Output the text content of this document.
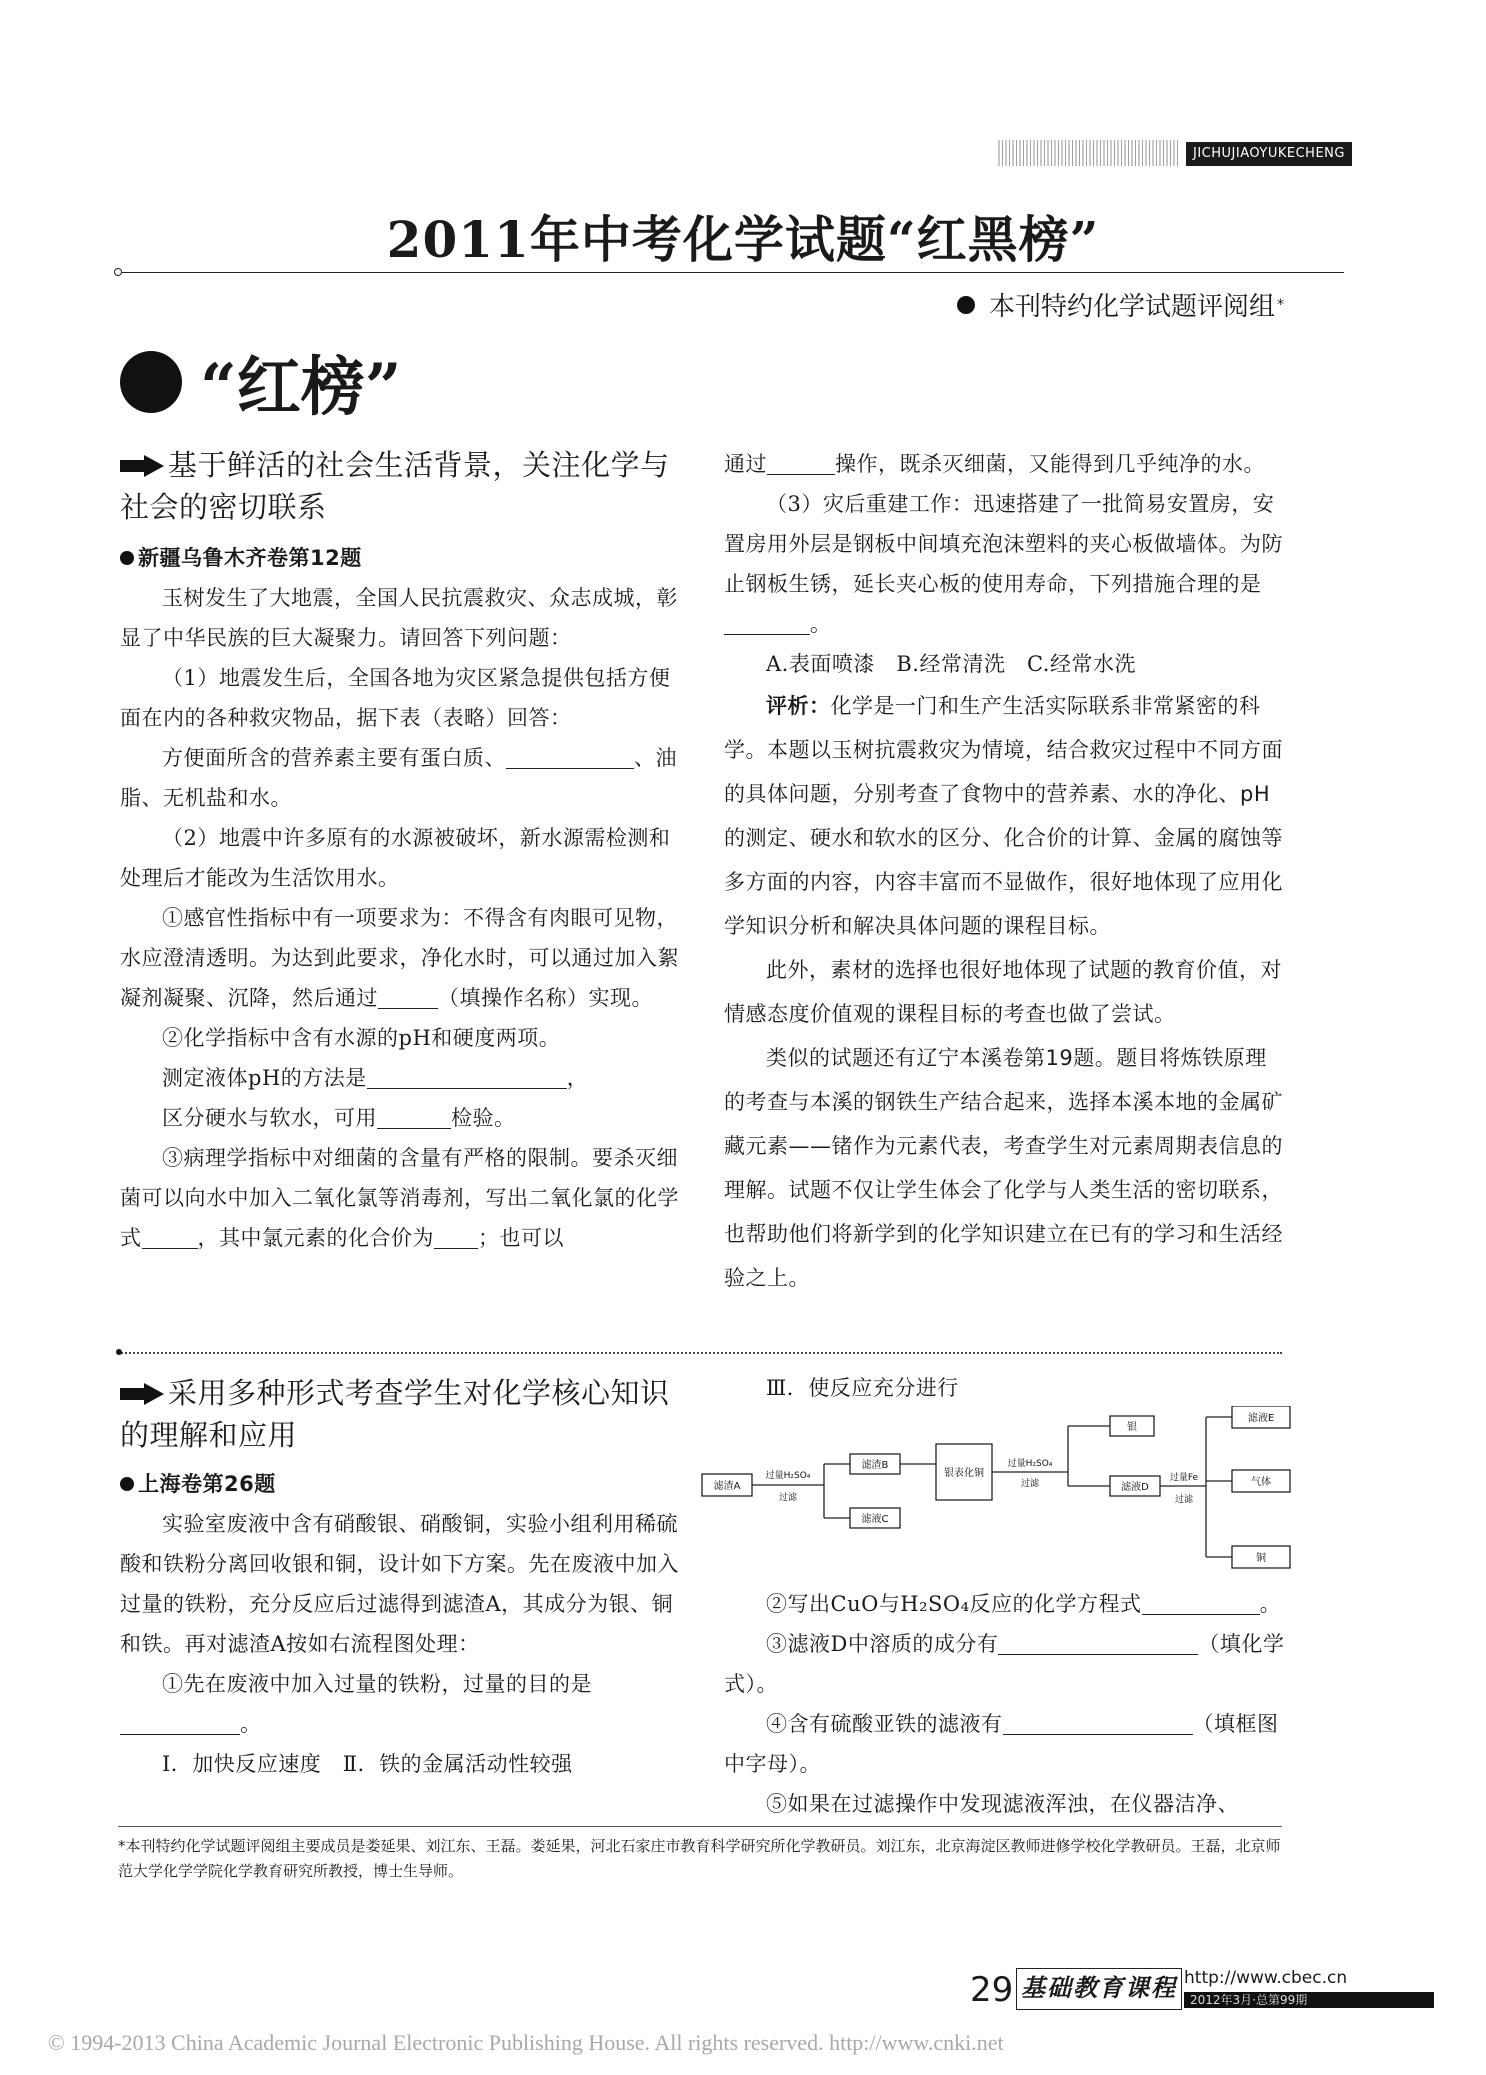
JICHUJIAOYUKECHENG
2011年中考化学试题“红黑榜”
本刊特约化学试题评阅组 *
“红榜”
基于鲜活的社会生活背景，关注化学与社会的密切联系
新疆乌鲁木齐卷第12题

玉树发生了大地震，全国人民抗震救灾、众志成城，彰显了中华民族的巨大凝聚力。请回答下列问题：

（1）地震发生后，全国各地为灾区紧急提供包括方便面在内的各种救灾物品，据下表（表略）回答：

方便面所含的营养素主要有蛋白质、	、油脂、无机盐和水。

（2）地震中许多原有的水源被破坏，新水源需检测和处理后才能改为生活饮用水。

①感官性指标中有一项要求为：不得含有肉眼可见物，水应澄清透明。为达到此要求，净化水时，可以通过加入絮凝剂凝聚、沉降，然后通过	（填操作名称）实现。

②化学指标中含有水源的pH和硬度两项。

测定液体pH的方法是	，

区分硬水与软水，可用	检验。

③病理学指标中对细菌的含量有严格的限制。要杀灭细菌可以向水中加入二氧化氯等消毒剂，写出二氧化氯的化学式	，其中氯元素的化合价为 ；也可以

通过	操作，既杀灭细菌，又能得到几乎纯净的水。

（3）灾后重建工作：迅速搭建了一批简易安置房，安置房用外层是钢板中间填充泡沫塑料的夹心板做墙体。为防止钢板生锈，延长夹心板的使用寿命，下列措施合理的是。

A.表面喷漆　B.经常清洗　C.经常水洗

评析：化学是一门和生产生活实际联系非常紧密的科学。本题以玉树抗震救灾为情境，结合救灾过程中不同方面的具体问题，分别考查了食物中的营养素、水的净化、pH的测定、硬水和软水的区分、化合价的计算、金属的腐蚀等多方面的内容，内容丰富而不显做作，很好地体现了应用化学知识分析和解决具体问题的课程目标。

此外，素材的选择也很好地体现了试题的教育价值，对情感态度价值观的课程目标的考查也做了尝试。

类似的试题还有辽宁本溪卷第19题。题目将炼铁原理的考查与本溪的钢铁生产结合起来，选择本溪本地的金属矿藏元素——锗作为元素代表，考查学生对元素周期表信息的理解。试题不仅让学生体会了化学与人类生活的密切联系，也帮助他们将新学到的化学知识建立在已有的学习和生活经验之上。

采用多种形式考查学生对化学核心知识的理解和应用
上海卷第26题

实验室废液中含有硝酸银、硝酸铜，实验小组利用稀硫酸和铁粉分离回收银和铜，设计如下方案。先在废液中加入过量的铁粉，充分反应后过滤得到滤渣A，其成分为银、铜和铁。再对滤渣A按如右流程图处理：

①先在废液中加入过量的铁粉，过量的目的是。

Ⅰ．加快反应速度　Ⅱ．铁的金属活动性较强

Ⅲ．使反应充分进行

滤渣A
滤渣B
滤液C
银表化铜
银
滤液D
滤液E
气体
铜
过量H₂SO₄
过滤
过量H₂SO₄
过滤
过量Fe
过滤

②写出CuO与H₂SO₄反应的化学方程式	。

③滤液D中溶质的成分有	（填化学式）。

④含有硫酸亚铁的滤液有	（填框图中字母）。

⑤如果在过滤操作中发现滤液浑浊，在仪器洁净、

*本刊特约化学试题评阅组主要成员是娄延果、刘江东、王磊。娄延果，河北石家庄市教育科学研究所化学教研员。刘江东，北京海淀区教师进修学校化学教研员。王磊，北京师范大学化学学院化学教育研究所教授，博士生导师。
29 基础教育课程 http://www.cbec.cn
2012年3月·总第99期
© 1994-2013 China Academic Journal Electronic Publishing House. All rights reserved. http://www.cnki.net
